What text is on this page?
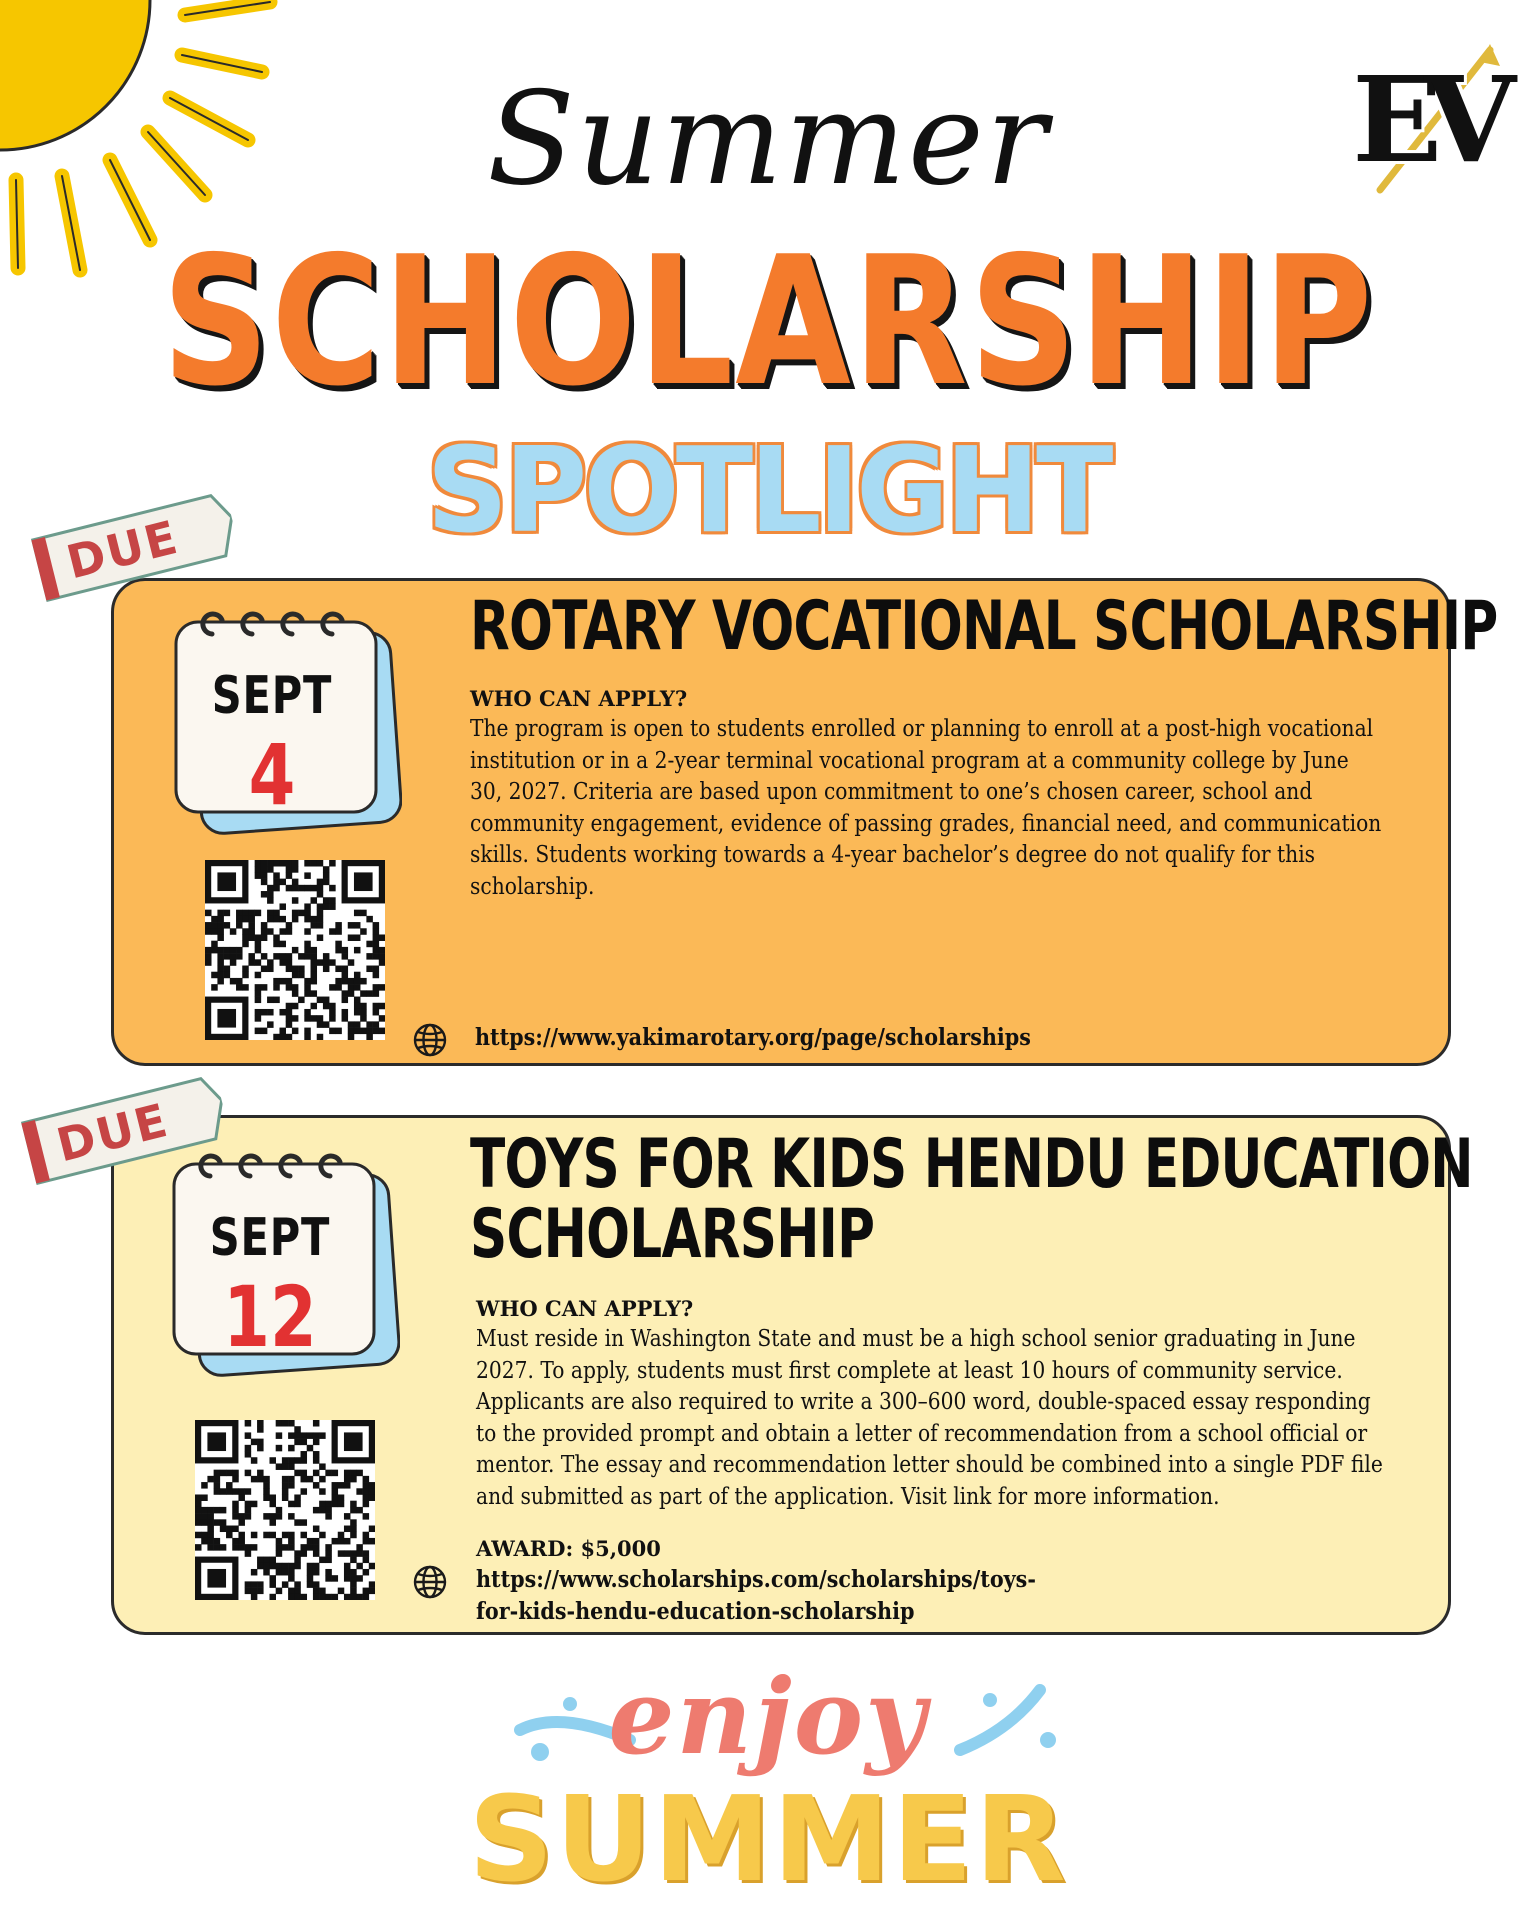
EV
Summer
SCHOLARSHIP
SPOTLIGHT
DUE
SEPT
4
ROTARY VOCATIONAL SCHOLARSHIP
WHO CAN APPLY?
The program is open to students enrolled or planning to enroll at a post-high vocational institution or in a 2-year terminal vocational program at a community college by June 30, 2027. Criteria are based upon commitment to one’s chosen career, school and community engagement, evidence of passing grades, financial need, and communication skills. Students working towards a 4-year bachelor’s degree do not qualify for this scholarship.
https://www.yakimarotary.org/page/scholarships
DUE
SEPT
12
TOYS FOR KIDS HENDU EDUCATION
SCHOLARSHIP
WHO CAN APPLY?
Must reside in Washington State and must be a high school senior graduating in June 2027. To apply, students must first complete at least 10 hours of community service. Applicants are also required to write a 300–600 word, double-spaced essay responding to the provided prompt and obtain a letter of recommendation from a school official or mentor. The essay and recommendation letter should be combined into a single PDF file and submitted as part of the application. Visit link for more information.
AWARD: $5,000
https://www.scholarships.com/scholarships/toys-for-kids-hendu-education-scholarship
enjoy
SUMMER
